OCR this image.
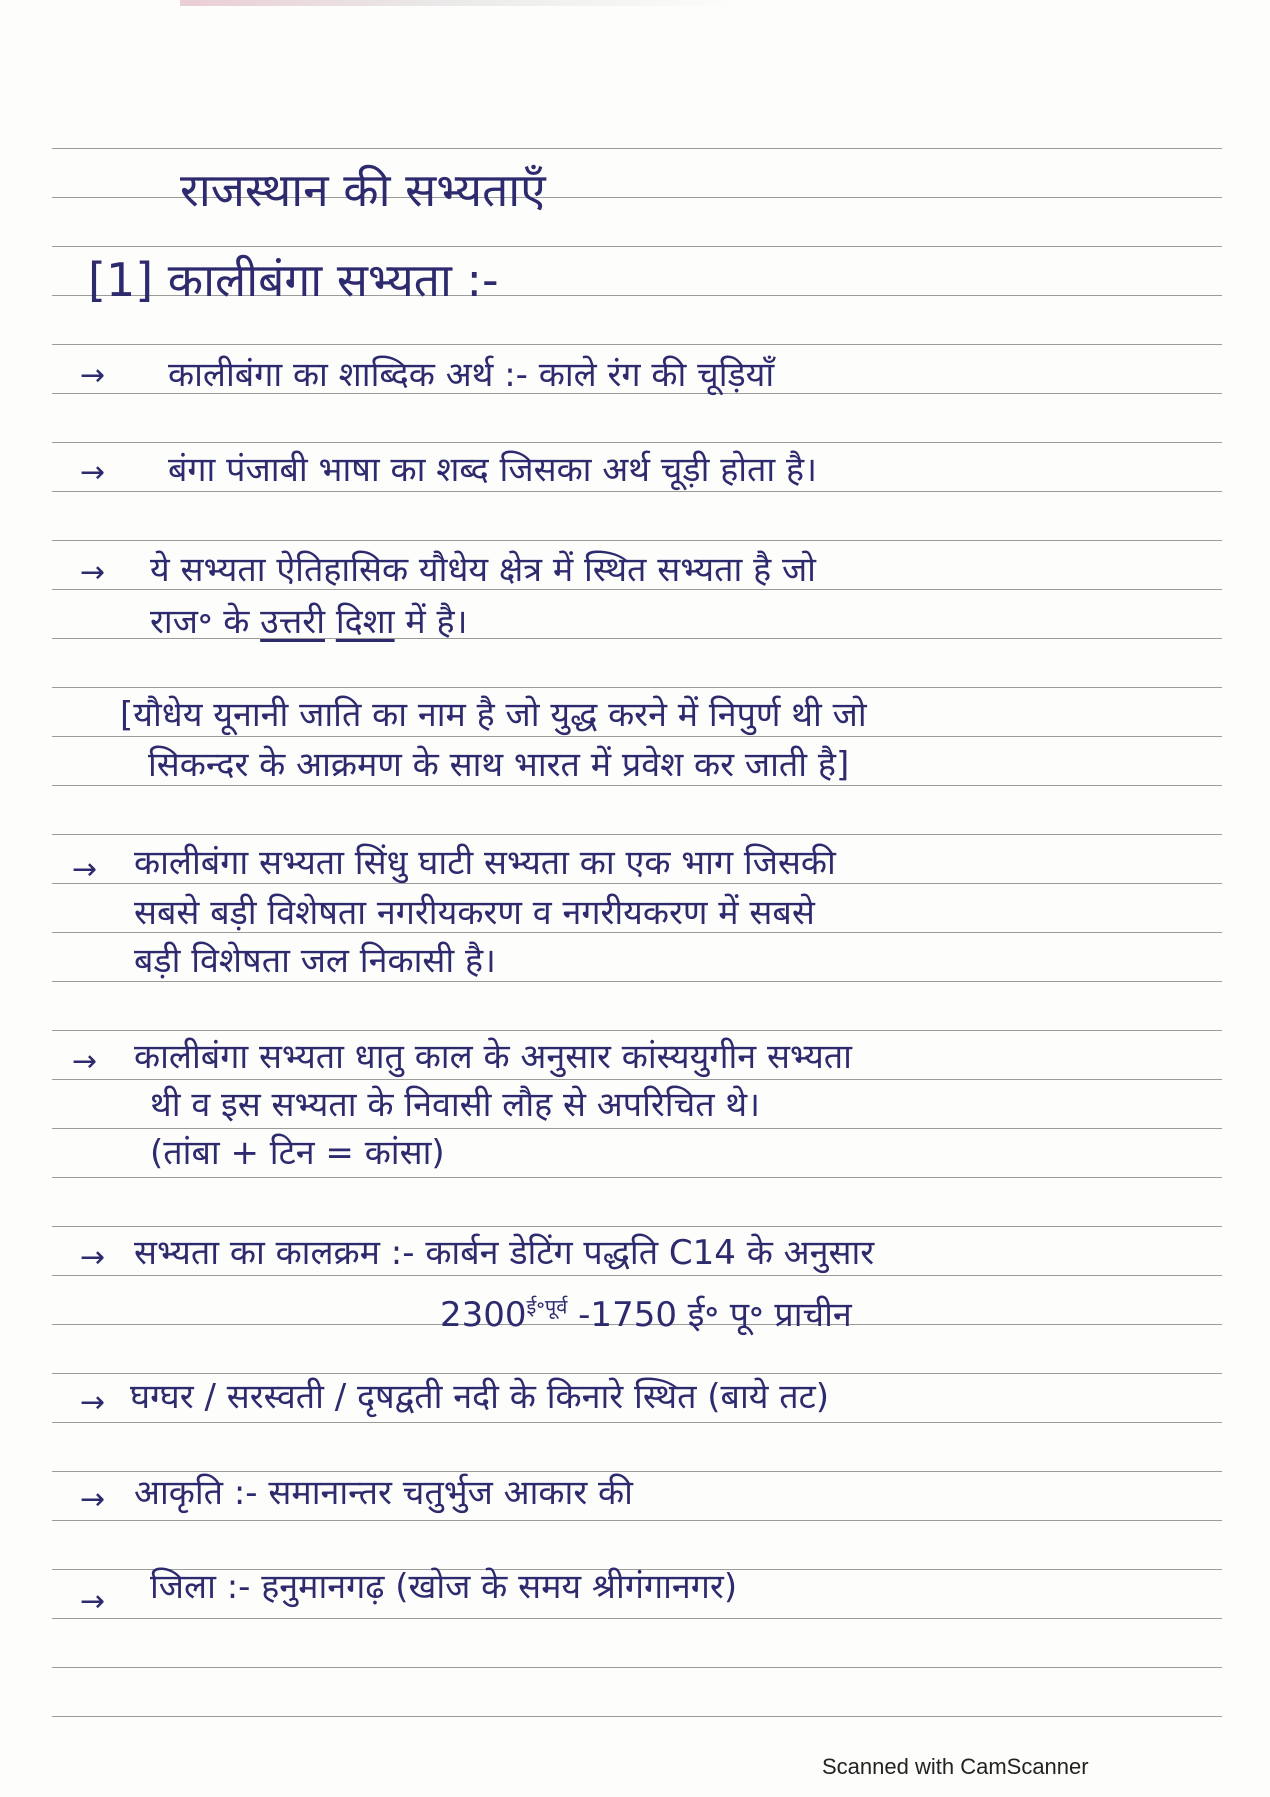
राजस्थान की सभ्यताएँ
[1] कालीबंगा सभ्यता :-
→ कालीबंगा का शाब्दिक अर्थ :- काले रंग की चूड़ियाँ
→ बंगा पंजाबी भाषा का शब्द जिसका अर्थ चूड़ी होता है।
→ ये सभ्यता ऐतिहासिक यौधेय क्षेत्र में स्थित सभ्यता है जो
राज॰ के उत्तरी दिशा में है।
[यौधेय यूनानी जाति का नाम है जो युद्ध करने में निपुर्ण थी जो
सिकन्दर के आक्रमण के साथ भारत में प्रवेश कर जाती है]
→ कालीबंगा सभ्यता सिंधु घाटी सभ्यता का एक भाग जिसकी
सबसे बड़ी विशेषता नगरीयकरण व नगरीयकरण में सबसे
बड़ी विशेषता जल निकासी है।
→ कालीबंगा सभ्यता धातु काल के अनुसार कांस्ययुगीन सभ्यता
थी व इस सभ्यता के निवासी लौह से अपरिचित थे।
(तांबा + टिन = कांसा)
→ सभ्यता का कालक्रम :- कार्बन डेटिंग पद्धति C14 के अनुसार
$2300^{ई॰पूर्व}$ -1750 ई॰ पू॰ प्राचीन
→ घग्घर / सरस्वती / दृषद्वती नदी के किनारे स्थित (बाये तट)
→ आकृति :- समानान्तर चतुर्भुज आकार की
→ जिला :- हनुमानगढ़ (खोज के समय श्रीगंगानगर)
Scanned with CamScanner
